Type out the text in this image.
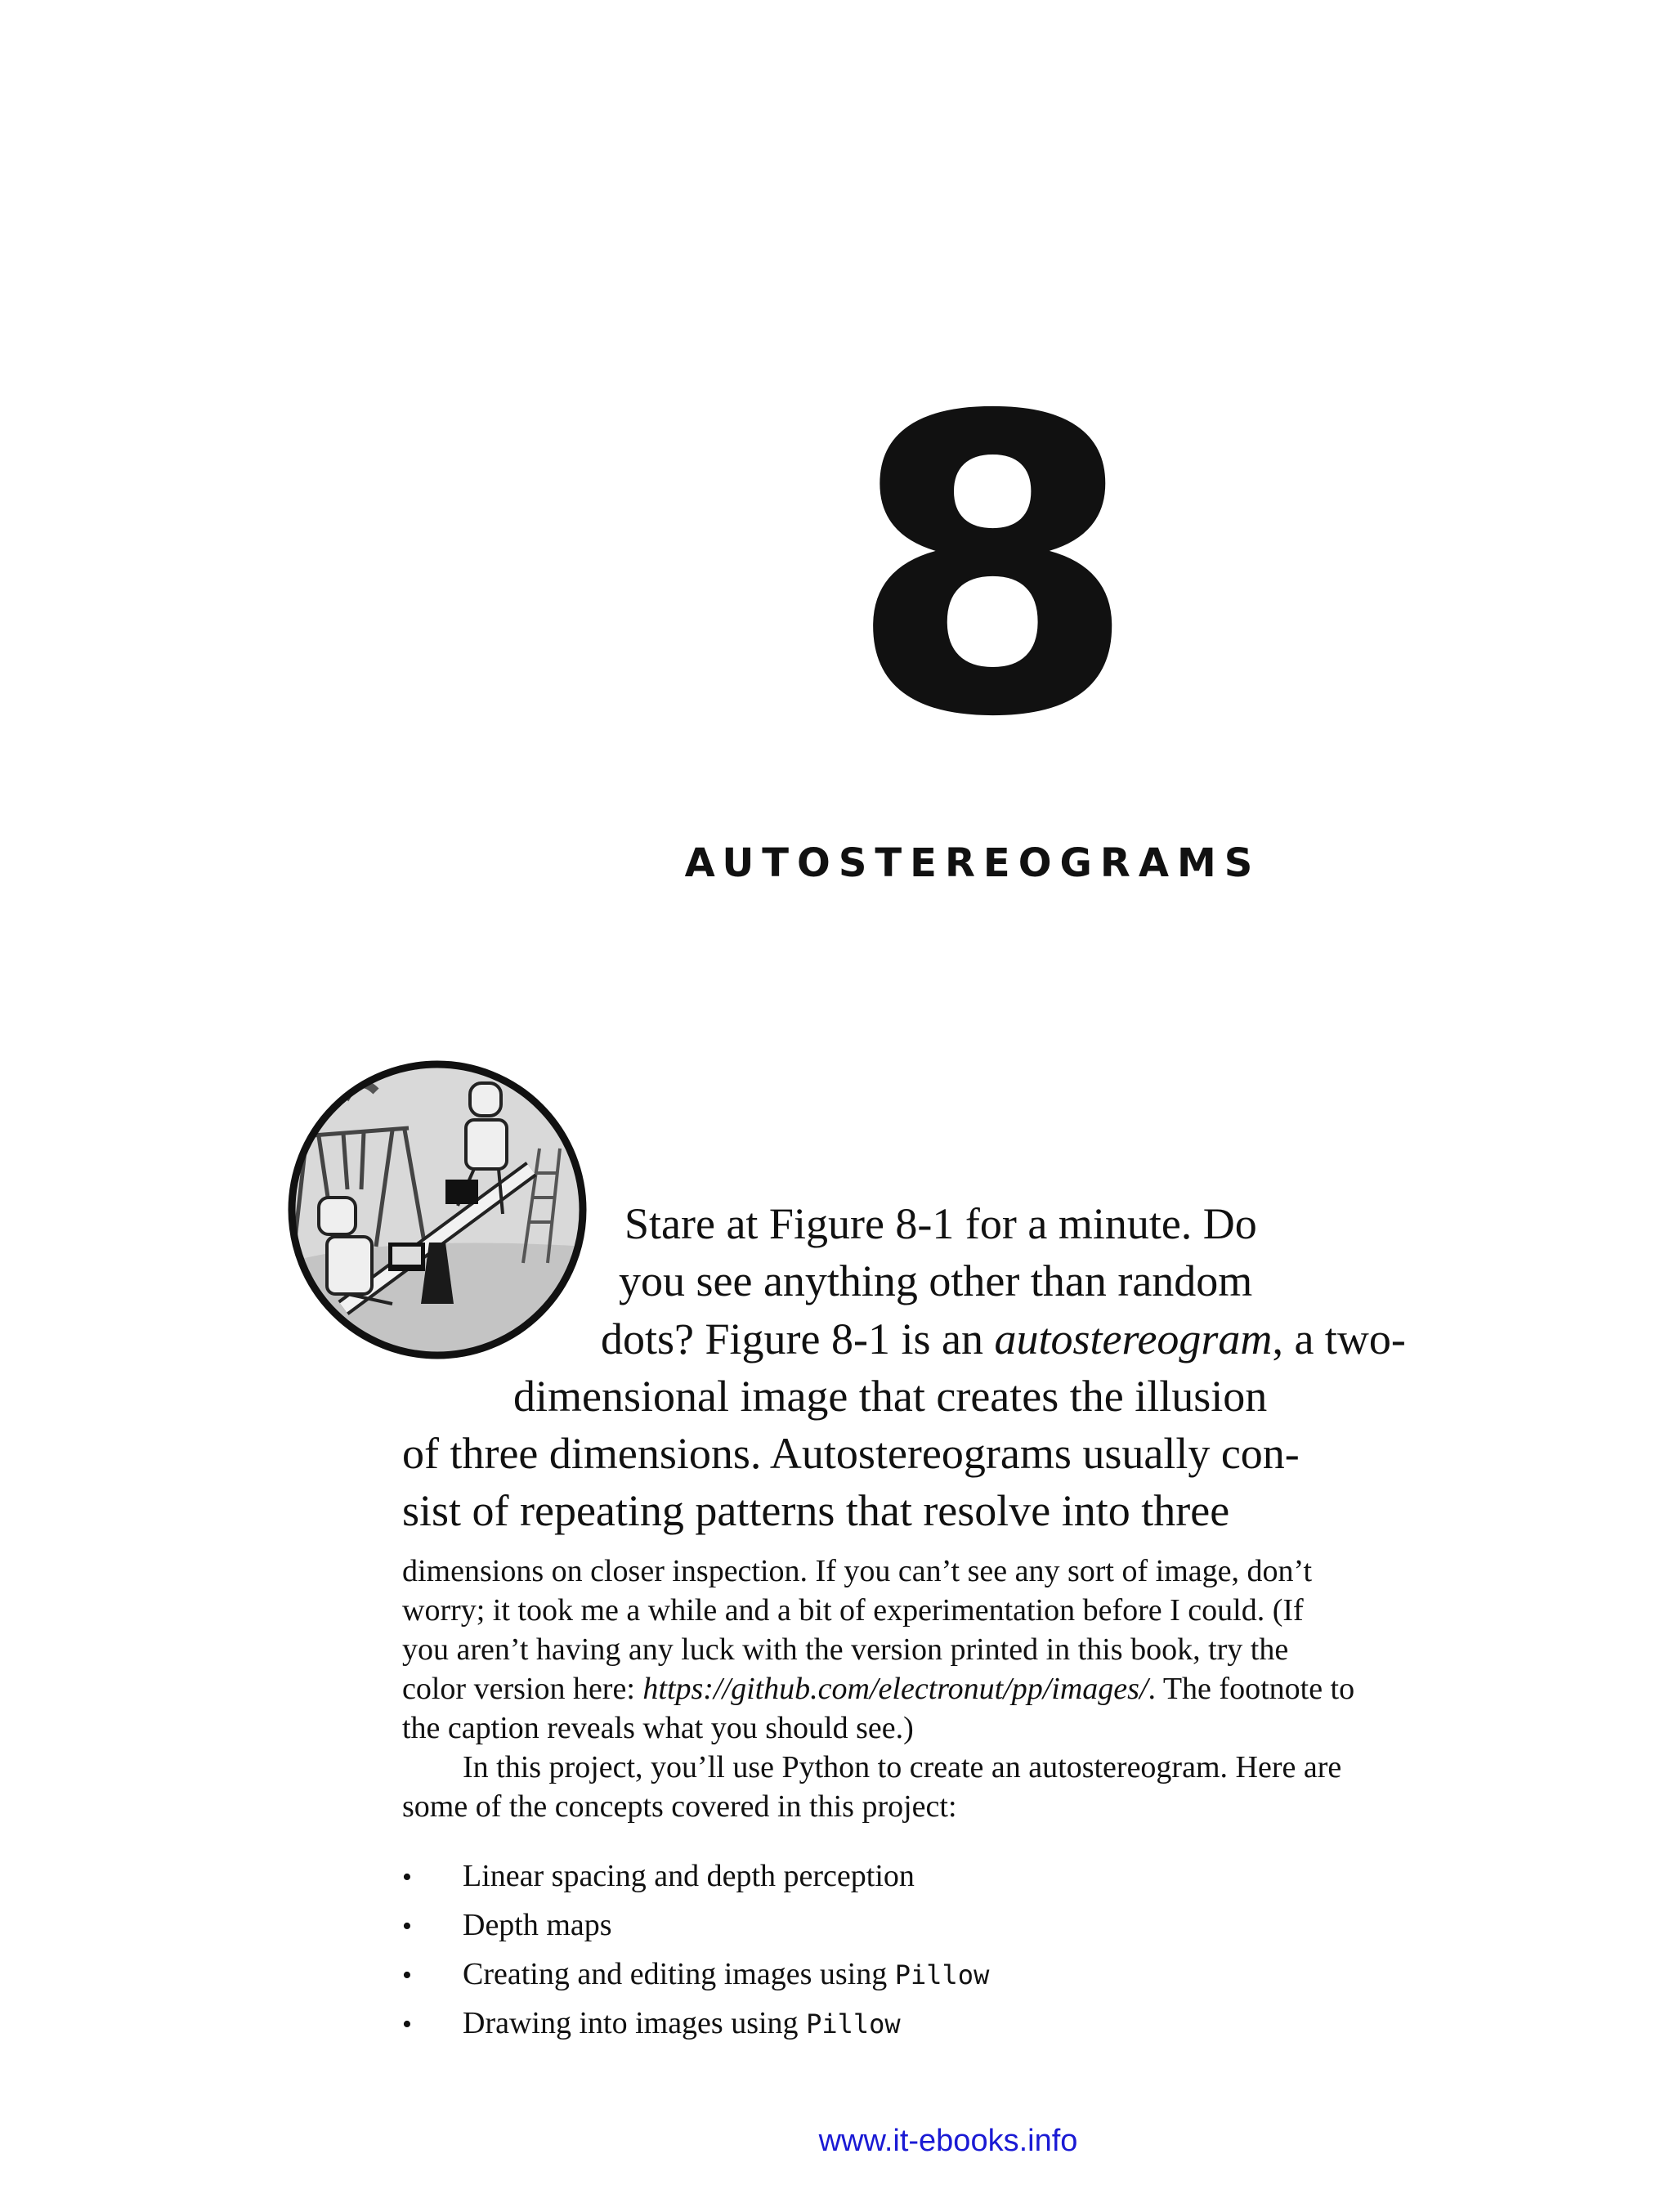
8
AUTOSTEREOGRAMS
Stare at Figure 8-1 for a minute. Do
you see anything other than random
dots? Figure 8-1 is an autostereogram, a two-
dimensional image that creates the illusion
of three dimensions. Autostereograms usually con-
sist of repeating patterns that resolve into three
dimensions on closer inspection. If you can’t see any sort of image, don’t
worry; it took me a while and a bit of experimentation before I could. (If
you aren’t having any luck with the version printed in this book, try the
color version here: https://github.com/electronut/pp/images/. The footnote to
the caption reveals what you should see.)
In this project, you’ll use Python to create an autostereogram. Here are
some of the concepts covered in this project:
• Linear spacing and depth perception
• Depth maps
• Creating and editing images using Pillow
• Drawing into images using Pillow
www.it-ebooks.info
